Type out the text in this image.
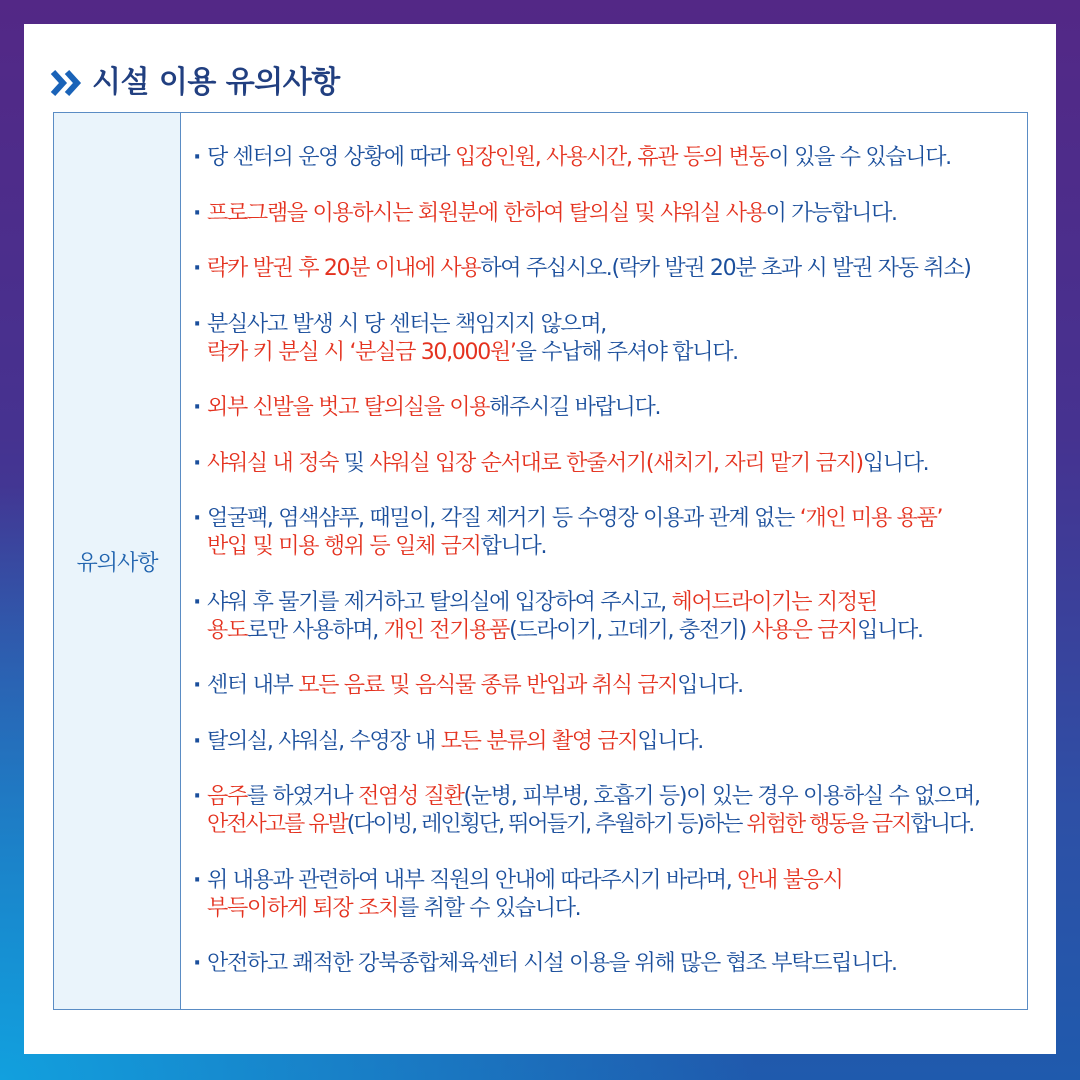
시설 이용 유의사항
유의사항
· 당 센터의 운영 상황에 따라 입장인원, 사용시간, 휴관 등의 변동이 있을 수 있습니다.
· 프로그램을 이용하시는 회원분에 한하여 탈의실 및 샤워실 사용이 가능합니다.
· 락카 발권 후 20분 이내에 사용하여 주십시오.(락카 발권 20분 초과 시 발권 자동 취소)
· 분실사고 발생 시 당 센터는 책임지지 않으며,
락카 키 분실 시 ‘분실금 30,000원’을 수납해 주셔야 합니다.
· 외부 신발을 벗고 탈의실을 이용해주시길 바랍니다.
· 샤워실 내 정숙 및 샤워실 입장 순서대로 한줄서기(새치기, 자리 맡기 금지)입니다.
· 얼굴팩, 염색샴푸, 때밀이, 각질 제거기 등 수영장 이용과 관계 없는 ‘개인 미용 용품’
반입 및 미용 행위 등 일체 금지합니다.
· 샤워 후 물기를 제거하고 탈의실에 입장하여 주시고, 헤어드라이기는 지정된
용도로만 사용하며, 개인 전기용품(드라이기, 고데기, 충전기) 사용은 금지입니다.
· 센터 내부 모든 음료 및 음식물 종류 반입과 취식 금지입니다.
· 탈의실, 샤워실, 수영장 내 모든 분류의 촬영 금지입니다.
· 음주를 하였거나 전염성 질환(눈병, 피부병, 호흡기 등)이 있는 경우 이용하실 수 없으며,
안전사고를 유발(다이빙, 레인횡단, 뛰어들기, 추월하기 등)하는 위험한 행동을 금지합니다.
· 위 내용과 관련하여 내부 직원의 안내에 따라주시기 바라며, 안내 불응시
부득이하게 퇴장 조치를 취할 수 있습니다.
· 안전하고 쾌적한 강북종합체육센터 시설 이용을 위해 많은 협조 부탁드립니다.
